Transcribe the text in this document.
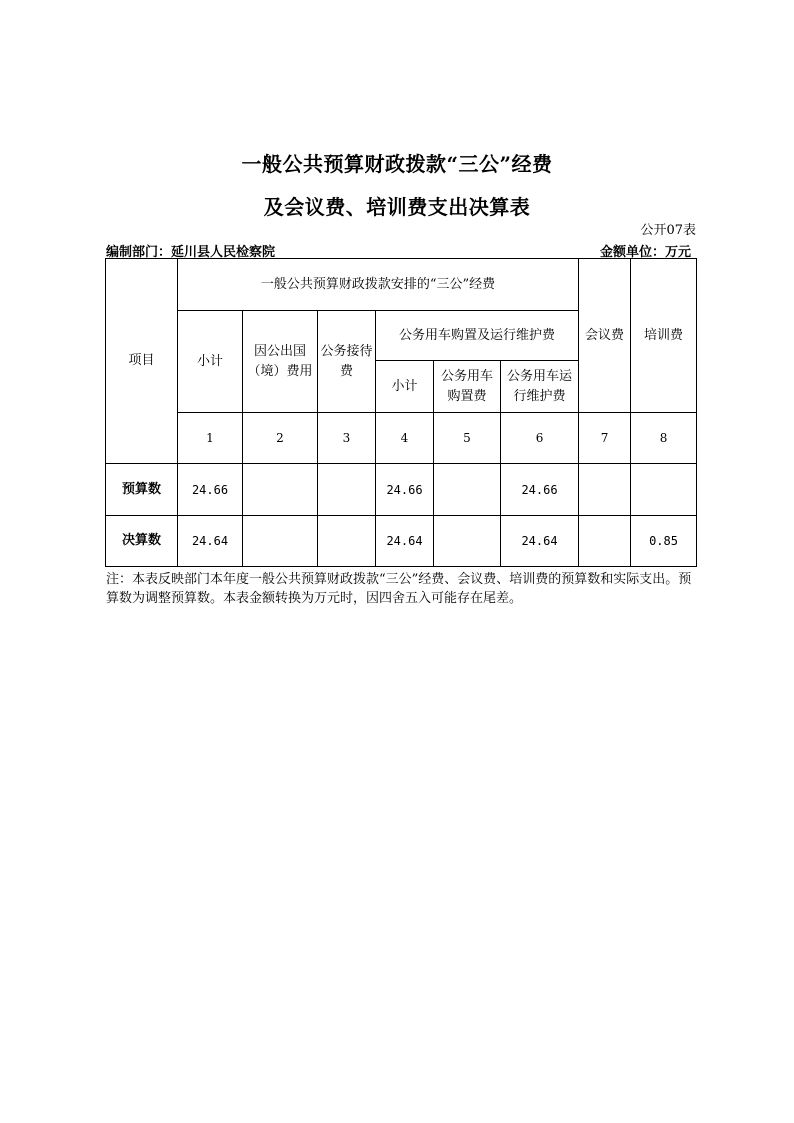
一般公共预算财政拨款“三公”经费
及会议费、培训费支出决算表
公开07表
编制部门：延川县人民检察院	金额单位：万元
项目	一般公共预算财政拨款安排的“三公”经费						会议费	培训费
	小计	因公出国（境）费用	公务接待费	公务用车购置及运行维护费				
				小计	公务用车购置费	公务用车运行维护费		
	1	2	3	4	5	6	7	8
预算数	24.66			24.66		24.66		
决算数	24.64			24.64		24.64		0.85
注：本表反映部门本年度一般公共预算财政拨款“三公”经费、会议费、培训费的预算数和实际支出。预算数为调整预算数。本表金额转换为万元时，因四舍五入可能存在尾差。
